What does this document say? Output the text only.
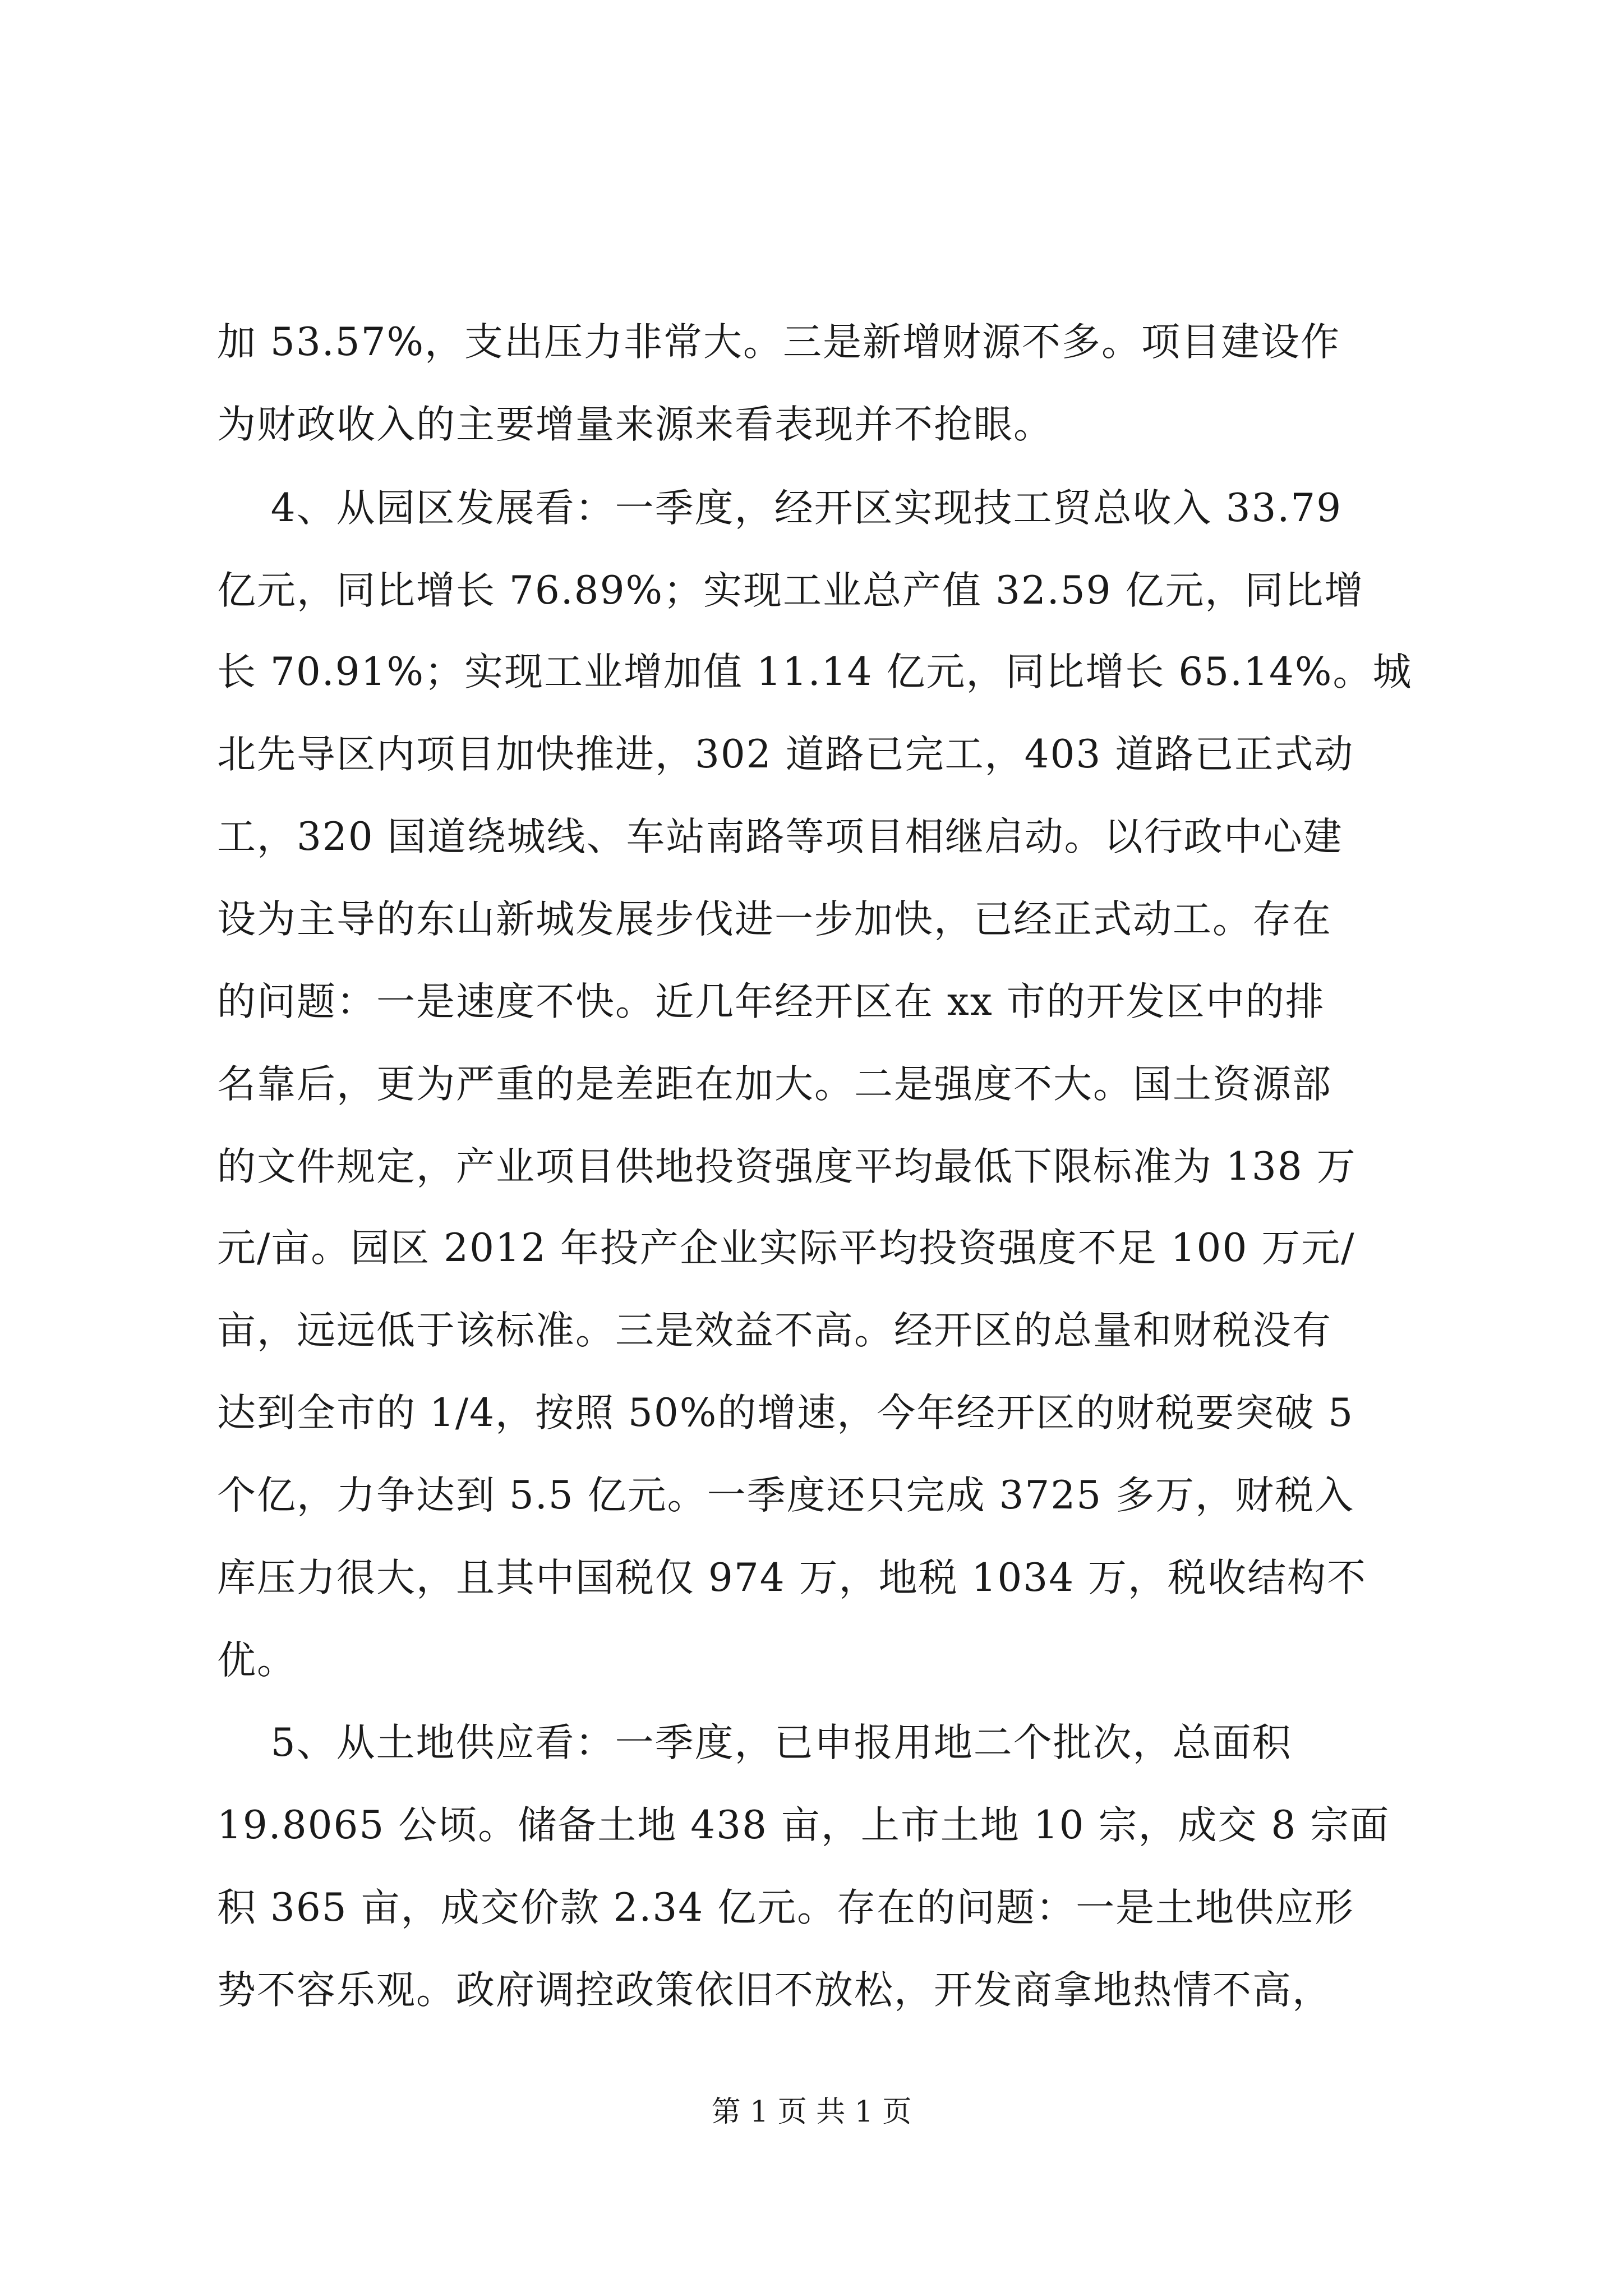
加 53.57%，支出压力非常大。三是新增财源不多。项目建设作
为财政收入的主要增量来源来看表现并不抢眼。
4、从园区发展看：一季度，经开区实现技工贸总收入 33.79
亿元，同比增长 76.89%；实现工业总产值 32.59 亿元，同比增
长 70.91%；实现工业增加值 11.14 亿元，同比增长 65.14%。城
北先导区内项目加快推进，302 道路已完工，403 道路已正式动
工，320 国道绕城线、车站南路等项目相继启动。以行政中心建
设为主导的东山新城发展步伐进一步加快，已经正式动工。存在
的问题：一是速度不快。近几年经开区在 xx 市的开发区中的排
名靠后，更为严重的是差距在加大。二是强度不大。国土资源部
的文件规定，产业项目供地投资强度平均最低下限标准为 138 万
元/亩。园区 2012 年投产企业实际平均投资强度不足 100 万元/
亩，远远低于该标准。三是效益不高。经开区的总量和财税没有
达到全市的 1/4，按照 50%的增速，今年经开区的财税要突破 5
个亿，力争达到 5.5 亿元。一季度还只完成 3725 多万，财税入
库压力很大，且其中国税仅 974 万，地税 1034 万，税收结构不
优。
5、从土地供应看：一季度，已申报用地二个批次，总面积
19.8065 公顷。储备土地 438 亩，上市土地 10 宗，成交 8 宗面
积 365 亩，成交价款 2.34 亿元。存在的问题：一是土地供应形
势不容乐观。政府调控政策依旧不放松，开发商拿地热情不高，
第 1 页 共 1 页
